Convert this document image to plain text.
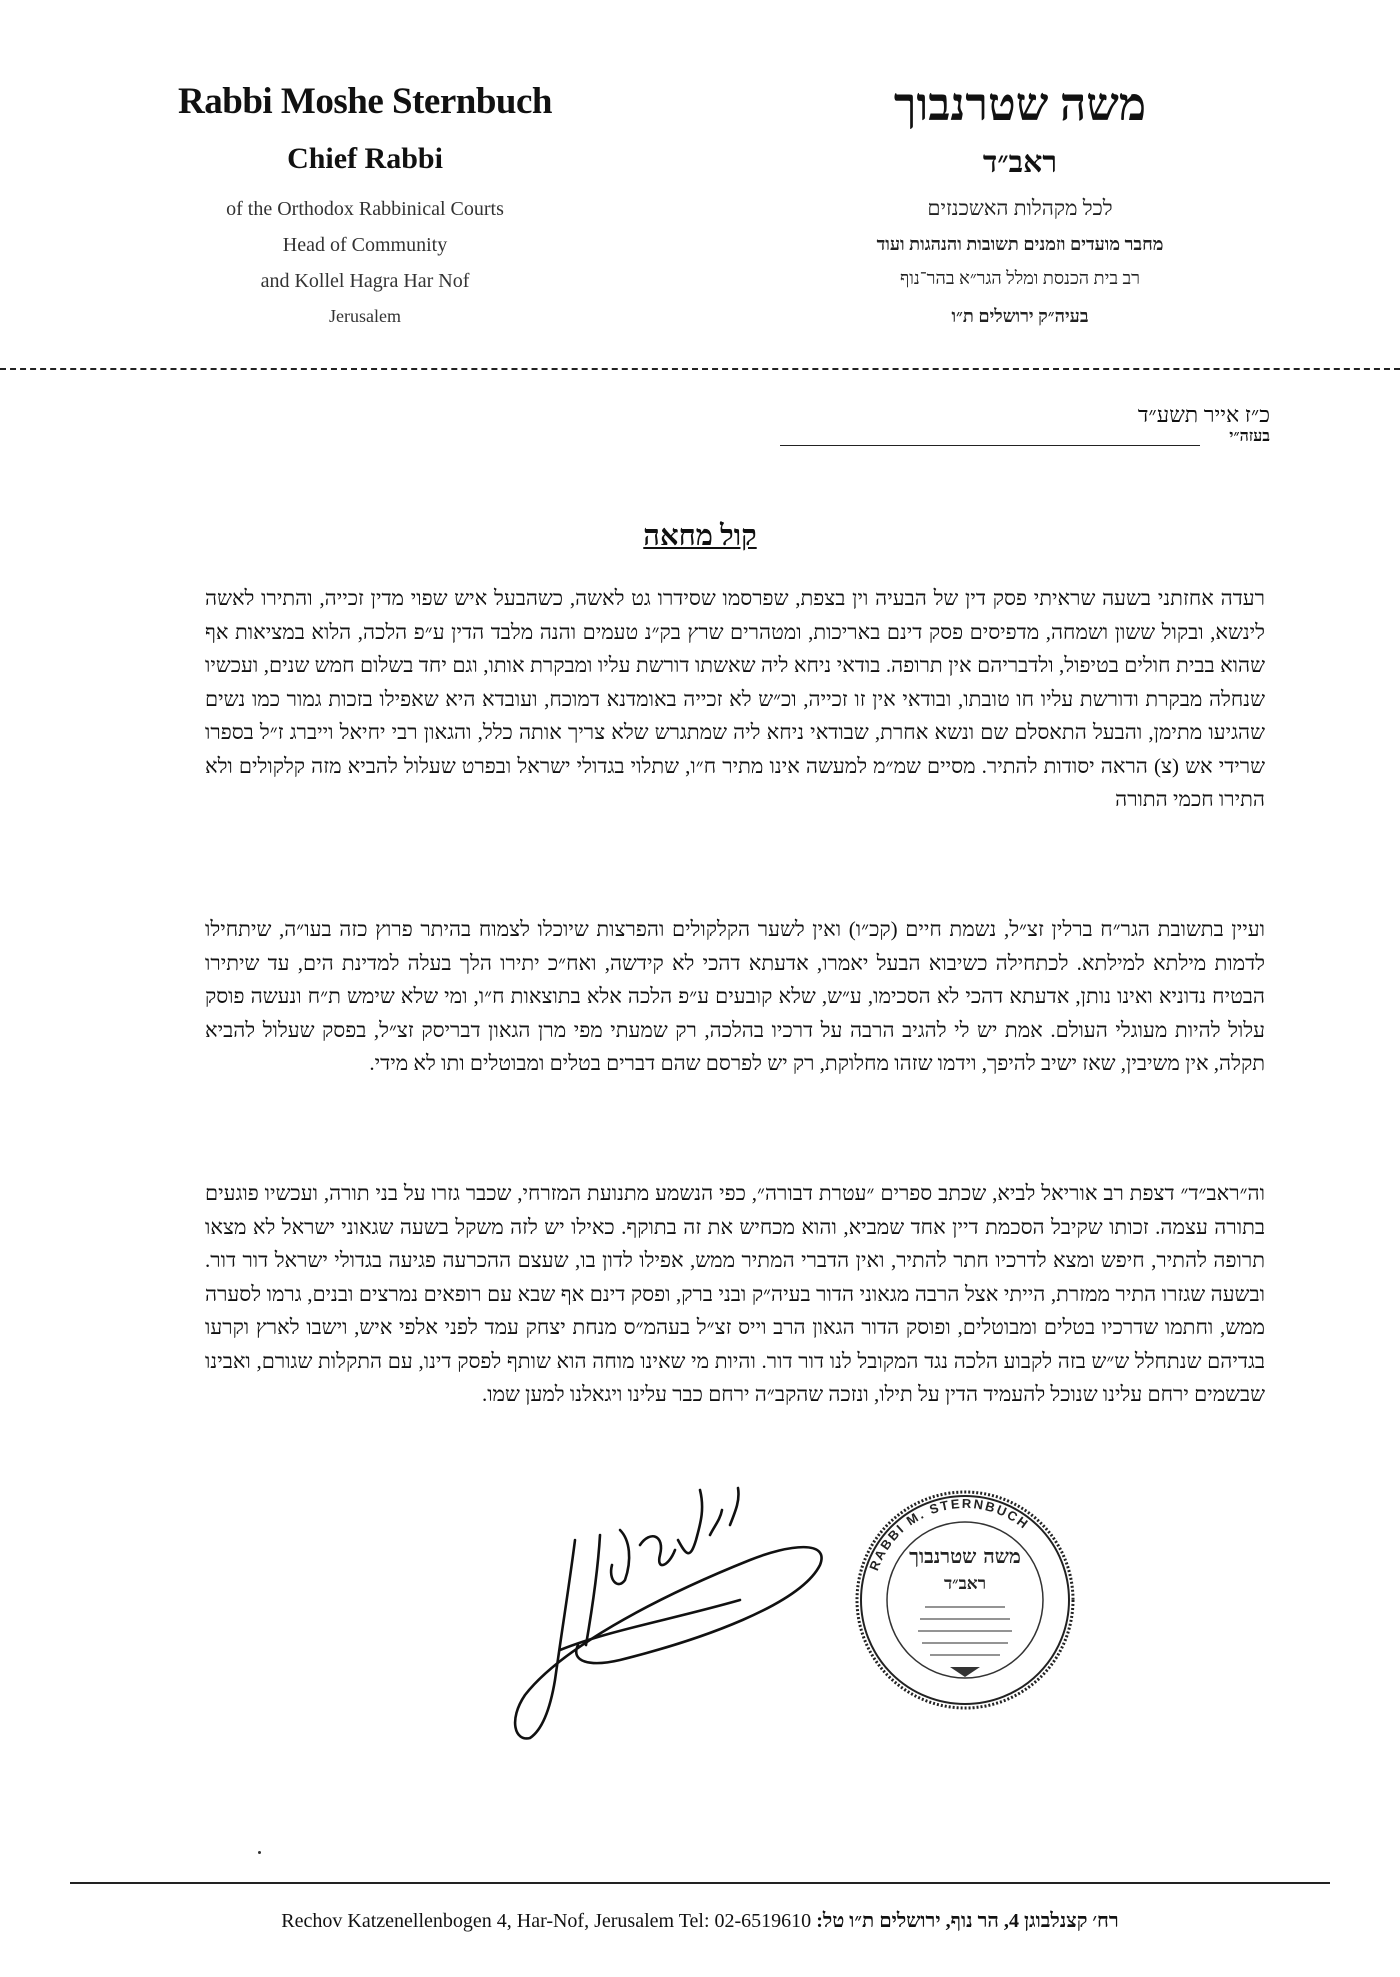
Rabbi Moshe Sternbuch
Chief Rabbi
of the Orthodox Rabbinical Courts
Head of Community
and Kollel Hagra Har Nof
Jerusalem
משה שטרנבוך
ראב״ד
לכל מקהלות האשכנזים
מחבר מועדים וזמנים תשובות והנהגות ועוד
רב בית הכנסת ומלל הגר״א בהר־נוף
בעיה״ק ירושלים ת״ו
כ״ז אייר תשע״ד
בעזה״י
קול מחאה
רעדה אחזתני בשעה שראיתי פסק דין של הבעיה וין בצפת, שפרסמו שסידרו גט לאשה, כשהבעל איש שפוי מדין זכייה, והתירו לאשה לינשא, ובקול ששון ושמחה, מדפיסים פסק דינם באריכות, ומטהרים שרץ בק״נ טעמים והנה מלבד הדין ע״פ הלכה, הלוא במציאות אף שהוא בבית חולים בטיפול, ולדבריהם אין תרופה. בודאי ניחא ליה שאשתו דורשת עליו ומבקרת אותו, וגם יחד בשלום חמש שנים, ועכשיו שנחלה מבקרת ודורשת עליו חו טובתו, ובודאי אין זו זכייה, וכ״ש לא זכייה באומדנא דמוכח, ועובדא היא שאפילו בזכות גמור כמו נשים שהגיעו מתימן, והבעל התאסלם שם ונשא אחרת, שבודאי ניחא ליה שמתגרש שלא צריך אותה כלל, והגאון רבי יחיאל וייברג ז״ל בספרו שרידי אש (צ) הראה יסודות להתיר. מסיים שמ״מ למעשה אינו מתיר ח״ו, שתלוי בגדולי ישראל ובפרט שעלול להביא מזה קלקולים ולא התירו חכמי התורה
ועיין בתשובת הגר״ח ברלין זצ״ל, נשמת חיים (קכ״ו) ואין לשער הקלקולים והפרצות שיוכלו לצמוח בהיתר פרוץ כזה בעו״ה, שיתחילו לדמות מילתא למילתא. לכתחילה כשיבוא הבעל יאמרו, אדעתא דהכי לא קידשה, ואח״כ יתירו הלך בעלה למדינת הים, עד שיתירו הבטיח נדוניא ואינו נותן, אדעתא דהכי לא הסכימו, ע״ש, שלא קובעים ע״פ הלכה אלא בתוצאות ח״ו, ומי שלא שימש ת״ח ונעשה פוסק עלול להיות מעוגלי העולם. אמת יש לי להגיב הרבה על דרכיו בהלכה, רק שמעתי מפי מרן הגאון דבריסק זצ״ל, בפסק שעלול להביא תקלה, אין משיבין, שאז ישיב להיפך, וידמו שזהו מחלוקת, רק יש לפרסם שהם דברים בטלים ומבוטלים ותו לא מידי.
וה״ראב״ד״ דצפת רב אוריאל לביא, שכתב ספרים ״עטרת דבורה״, כפי הנשמע מתנועת המזרחי, שכבר גזרו על בני תורה, ועכשיו פוגעים בתורה עצמה. זכותו שקיבל הסכמת דיין אחד שמביא, והוא מכחיש את זה בתוקף. כאילו יש לזה משקל בשעה שגאוני ישראל לא מצאו תרופה להתיר, חיפש ומצא לדרכיו חתר להתיר, ואין הדברי המתיר ממש, אפילו לדון בו, שעצם ההכרעה פגיעה בגדולי ישראל דור דור. ובשעה שגזרו התיר ממזרת, הייתי אצל הרבה מגאוני הדור בעיה״ק ובני ברק, ופסק דינם אף שבא עם רופאים נמרצים ובנים, גרמו לסערה ממש, וחתמו שדרכיו בטלים ומבוטלים, ופוסק הדור הגאון הרב וייס זצ״ל בעהמ״ס מנחת יצחק עמד לפני אלפי איש, וישבו לארץ וקרעו בגדיהם שנתחלל ש״ש בזה לקבוע הלכה נגד המקובל לנו דור דור. והיות מי שאינו מוחה הוא שותף לפסק דינו, עם התקלות שגורם, ואבינו שבשמים ירחם עלינו שנוכל להעמיד הדין על תילו, ונזכה שהקב״ה ירחם כבר עלינו ויגאלנו למען שמו.
RABBI M. STERNBUCH
משה שטרנבוך
ראב״ד
Rechov Katzenellenbogen 4, Har-Nof, Jerusalem Tel: 02-6519610 רח׳ קצנלבוגן 4, הר נוף, ירושלים ת״ו טל:
